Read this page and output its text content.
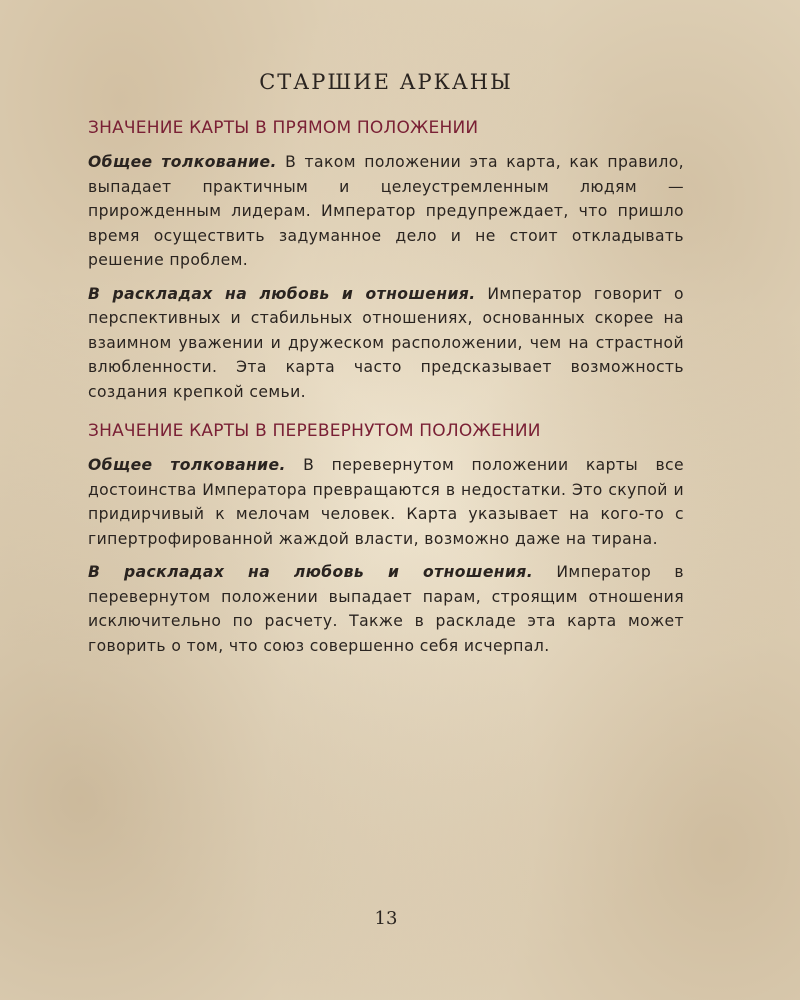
СТАРШИЕ АРКАНЫ
ЗНАЧЕНИЕ КАРТЫ В ПРЯМОМ ПОЛОЖЕНИИ

Общее толкование. В таком положении эта карта, как правило, выпадает практичным и целеустремленным людям — прирожденным лидерам. Император предупреждает, что пришло время осуществить задуманное дело и не стоит откладывать решение проблем.

В раскладах на любовь и отношения. Император говорит о перспективных и стабильных отношениях, основанных скорее на взаимном уважении и дружеском расположении, чем на страстной влюбленности. Эта карта часто предсказывает возможность создания крепкой семьи.

ЗНАЧЕНИЕ КАРТЫ В ПЕРЕВЕРНУТОМ ПОЛОЖЕНИИ

Общее толкование. В перевернутом положении карты все достоинства Императора превращаются в недостатки. Это скупой и придирчивый к мелочам человек. Карта указывает на кого-то с гипертрофированной жаждой власти, возможно даже на тирана.

В раскладах на любовь и отношения. Император в перевернутом положении выпадает парам, строящим отношения исключительно по расчету. Также в раскладе эта карта может говорить о том, что союз совершенно себя исчерпал.

13
